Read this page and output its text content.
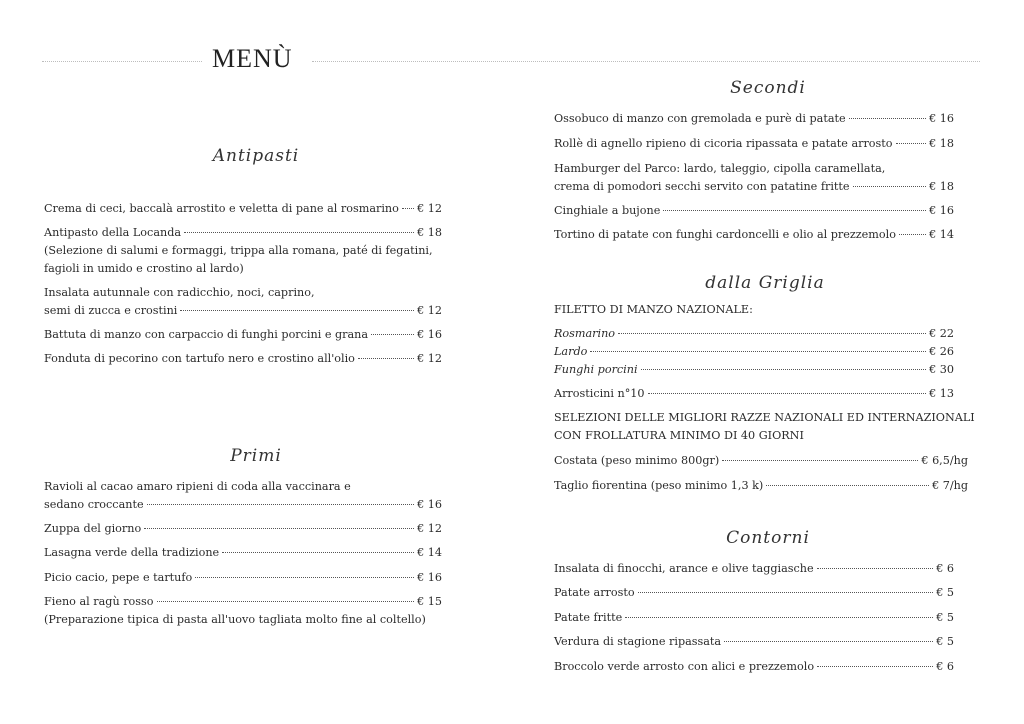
MENÙ
Antipasti
Crema di ceci, baccalà arrostito e veletta di pane al rosmarino € 12
Antipasto della Locanda	€ 18
(Selezione di salumi e formaggi, trippa alla romana, paté di fegatini,
fagioli in umido e crostino al lardo)
Insalata autunnale con radicchio, noci, caprino,
semi di zucca e crostini	€ 12
Battuta di manzo con carpaccio di funghi porcini e grana	€ 16
Fonduta di pecorino con tartufo nero e crostino all'olio	€ 12
Primi
Ravioli al cacao amaro ripieni di coda alla vaccinara e
sedano croccante	€ 16
Zuppa del giorno	€ 12
Lasagna verde della tradizione	€ 14
Picio cacio, pepe e tartufo	€ 16
Fieno al ragù rosso	€ 15
(Preparazione tipica di pasta all'uovo tagliata molto fine al coltello)
Secondi
Ossobuco di manzo con gremolada e purè di patate	€ 16
Rollè di agnello ripieno di cicoria ripassata e patate arrosto	€ 18
Hamburger del Parco: lardo, taleggio, cipolla caramellata,
crema di pomodori secchi servito con patatine fritte	€ 18
Cinghiale a bujone	€ 16
Tortino di patate con funghi cardoncelli e olio al prezzemolo	€ 14
dalla Griglia
FILETTO DI MANZO NAZIONALE:
Rosmarino	€ 22
Lardo	€ 26
Funghi porcini	€ 30
Arrosticini n°10	€ 13
SELEZIONI DELLE MIGLIORI RAZZE NAZIONALI ED INTERNAZIONALI
CON FROLLATURA MINIMO DI 40 GIORNI
Costata (peso minimo 800gr)	€ 6,5/hg
Taglio fiorentina (peso minimo 1,3 k)	€ 7/hg
Contorni
Insalata di finocchi, arance e olive taggiasche	€ 6
Patate arrosto	€ 5
Patate fritte	€ 5
Verdura di stagione ripassata	€ 5
Broccolo verde arrosto con alici e prezzemolo	€ 6
